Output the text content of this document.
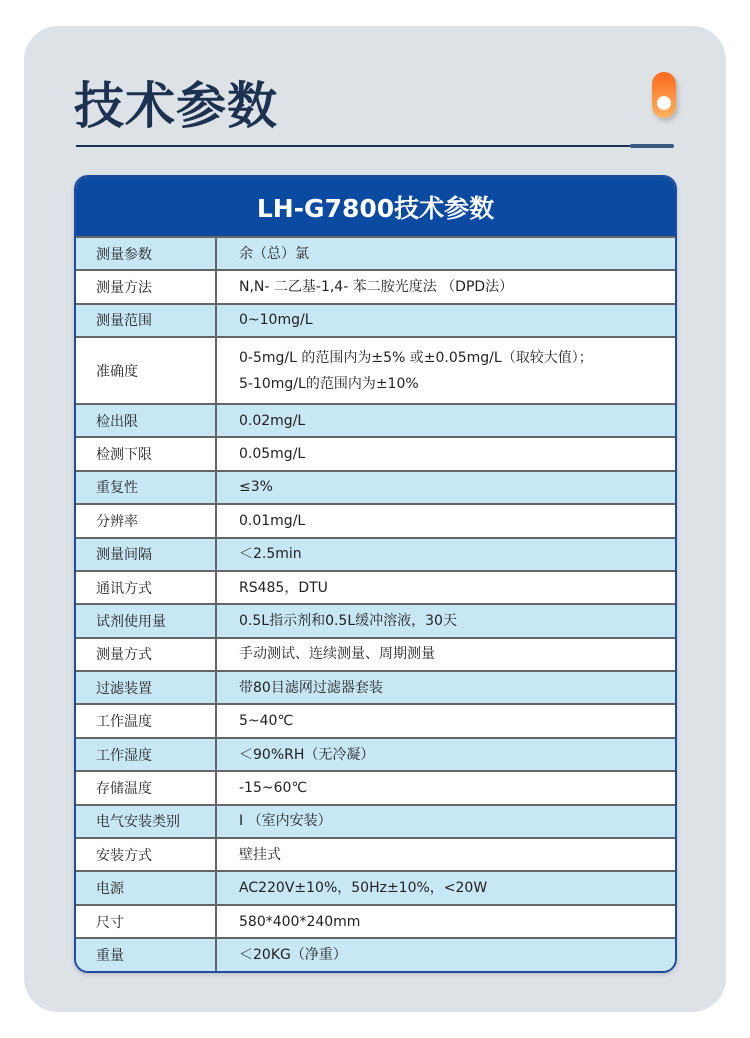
技术参数
LH-G7800技术参数
测量参数	余（总）氯
测量方法	N,N- 二乙基-1,4- 苯二胺光度法 （DPD法）
测量范围	0~10mg/L
准确度
0-5mg/L 的范围内为±5% 或±0.05mg/L（取较大值）；
5-10mg/L的范围内为±10%
检出限	0.02mg/L
检测下限	0.05mg/L
重复性	≤3%
分辨率	0.01mg/L
测量间隔	＜2.5min
通讯方式	RS485，DTU
试剂使用量	0.5L指示剂和0.5L缓冲溶液，30天
测量方式	手动测试、连续测量、周期测量
过滤装置	带80目滤网过滤器套装
工作温度	5~40℃
工作湿度	＜90%RH（无冷凝）
存储温度	-15~60℃
电气安装类别	I （室内安装）
安装方式	壁挂式
电源	AC220V±10%，50Hz±10%，<20W
尺寸	580*400*240mm
重量	＜20KG（净重）
